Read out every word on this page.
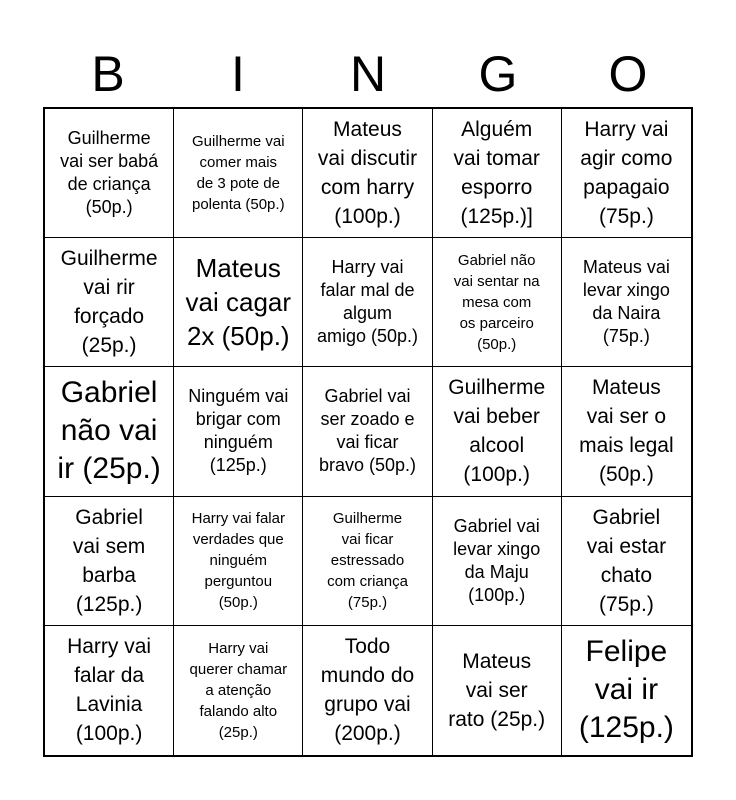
B	I	N	G	O
Guilherme
vai ser babá
de criança
(50p.)
Guilherme vai
comer mais
de 3 pote de
polenta (50p.)
Mateus
vai discutir
com harry
(100p.)
Alguém
vai tomar
esporro
(125p.)]
Harry vai
agir como
papagaio
(75p.)
Guilherme
vai rir
forçado
(25p.)
Mateus
vai cagar
2x (50p.)
Harry vai
falar mal de
algum
amigo (50p.)
Gabriel não
vai sentar na
mesa com
os parceiro
(50p.)
Mateus vai
levar xingo
da Naira
(75p.)
Gabriel
não vai
ir (25p.)
Ninguém vai
brigar com
ninguém
(125p.)
Gabriel vai
ser zoado e
vai ficar
bravo (50p.)
Guilherme
vai beber
alcool
(100p.)
Mateus
vai ser o
mais legal
(50p.)
Gabriel
vai sem
barba
(125p.)
Harry vai falar
verdades que
ninguém
perguntou
(50p.)
Guilherme
vai ficar
estressado
com criança
(75p.)
Gabriel vai
levar xingo
da Maju
(100p.)
Gabriel
vai estar
chato
(75p.)
Harry vai
falar da
Lavinia
(100p.)
Harry vai
querer chamar
a atenção
falando alto
(25p.)
Todo
mundo do
grupo vai
(200p.)
Mateus
vai ser
rato (25p.)
Felipe
vai ir
(125p.)
